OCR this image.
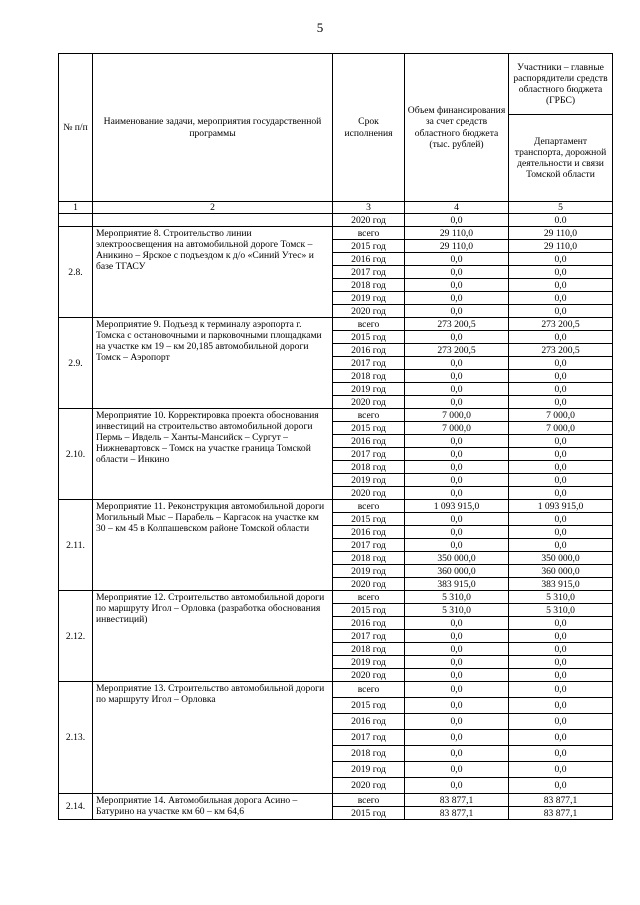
5
№ п/п	Наименование задачи, мероприятия государственной программы	Срок исполнения	Объем финансирования за счет средств областного бюджета (тыс. рублей)	Участники – главные распорядители средств областного бюджета (ГРБС)
				Департамент транспорта, дорожной деятельности и связи Томской области
1	2	3	4	5
		2020 год	0,0	0.0
2.8.	Мероприятие 8. Строительство линии электроосвещения на автомобильной дороге Томск – Аникино – Ярское с подъездом к д/о «Синий Утес» и базе ТГАСУ	всего	29 110,0	29 110,0
		2015 год	29 110,0	29 110,0
		2016 год	0,0	0,0
		2017 год	0,0	0,0
		2018 год	0,0	0,0
		2019 год	0,0	0,0
		2020 год	0,0	0,0
2.9.	Мероприятие 9. Подъезд к терминалу аэропорта г. Томска с остановочными и парковочными площадками на участке км 19 – км 20,185 автомобильной дороги Томск – Аэропорт	всего	273 200,5	273 200,5
		2015 год	0,0	0,0
		2016 год	273 200,5	273 200,5
		2017 год	0,0	0,0
		2018 год	0,0	0,0
		2019 год	0,0	0,0
		2020 год	0,0	0,0
2.10.	Мероприятие 10. Корректировка проекта обоснования инвестиций на строительство автомобильной дороги Пермь – Ивдель – Ханты-Мансийск – Сургут – Нижневартовск – Томск на участке граница Томской области – Инкино	всего	7 000,0	7 000,0
		2015 год	7 000,0	7 000,0
		2016 год	0,0	0,0
		2017 год	0,0	0,0
		2018 год	0,0	0,0
		2019 год	0,0	0,0
		2020 год	0,0	0,0
2.11.	Мероприятие 11. Реконструкция автомобильной дороги Могильный Мыс – Парабель – Каргасок на участке км 30 – км 45 в Колпашевском районе Томской области	всего	1 093 915,0	1 093 915,0
		2015 год	0,0	0,0
		2016 год	0,0	0,0
		2017 год	0,0	0,0
		2018 год	350 000,0	350 000,0
		2019 год	360 000,0	360 000,0
		2020 год	383 915,0	383 915,0
2.12.	Мероприятие 12. Строительство автомобильной дороги по маршруту Игол – Орловка (разработка обоснования инвестиций)	всего	5 310,0	5 310,0
		2015 год	5 310,0	5 310,0
		2016 год	0,0	0,0
		2017 год	0,0	0,0
		2018 год	0,0	0,0
		2019 год	0,0	0,0
		2020 год	0,0	0,0
2.13.	Мероприятие 13. Строительство автомобильной дороги по маршруту Игол – Орловка	всего	0,0	0,0
		2015 год	0,0	0,0
		2016 год	0,0	0,0
		2017 год	0,0	0,0
		2018 год	0,0	0,0
		2019 год	0,0	0,0
		2020 год	0,0	0,0
2.14.	Мероприятие 14. Автомобильная дорога Асино – Батурино на участке км 60 – км 64,6	всего	83 877,1	83 877,1
		2015 год	83 877,1	83 877,1
